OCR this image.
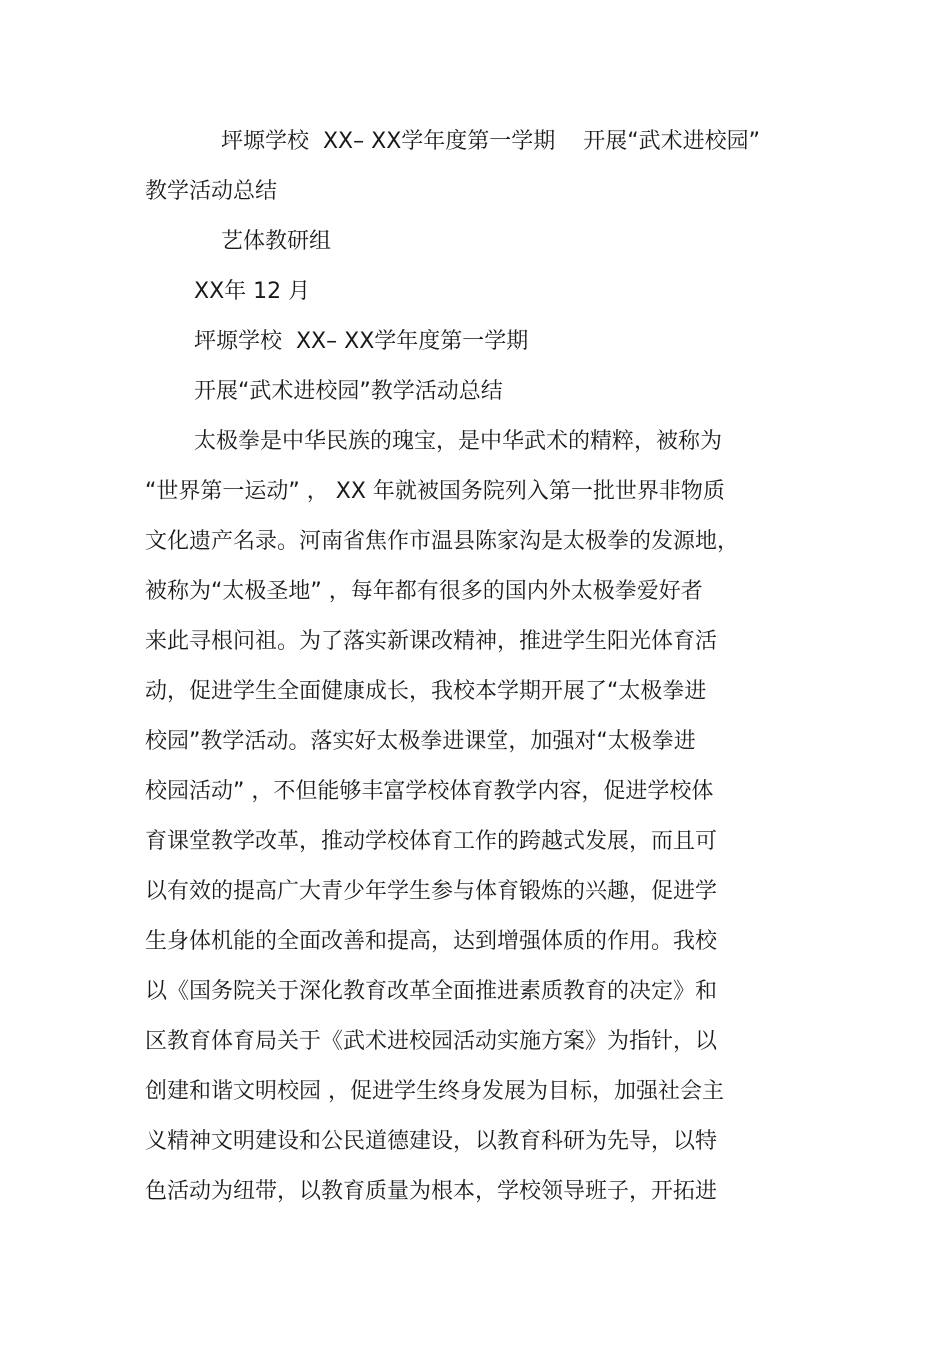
坪塬学校  XX– XX学年度第一学期    开展“武术进校园”

教学活动总结

艺体教研组

XX年 12 月

坪塬学校  XX– XX学年度第一学期

开展“武术进校园”教学活动总结

太极拳是中华民族的瑰宝，是中华武术的精粹，被称为

“世界第一运动” ， XX 年就被国务院列入第一批世界非物质

文化遗产名录。河南省焦作市温县陈家沟是太极拳的发源地，

被称为“太极圣地” ，每年都有很多的国内外太极拳爱好者

来此寻根问祖。为了落实新课改精神，推进学生阳光体育活

动，促进学生全面健康成长，我校本学期开展了“太极拳进

校园”教学活动。落实好太极拳进课堂，加强对“太极拳进

校园活动” ，不但能够丰富学校体育教学内容，促进学校体

育课堂教学改革，推动学校体育工作的跨越式发展，而且可

以有效的提高广大青少年学生参与体育锻炼的兴趣，促进学

生身体机能的全面改善和提高，达到增强体质的作用。我校

以《国务院关于深化教育改革全面推进素质教育的决定》和

区教育体育局关于《武术进校园活动实施方案》为指针，以

创建和谐文明校园 ，促进学生终身发展为目标，加强社会主

义精神文明建设和公民道德建设，以教育科研为先导，以特

色活动为纽带，以教育质量为根本，学校领导班子，开拓进
